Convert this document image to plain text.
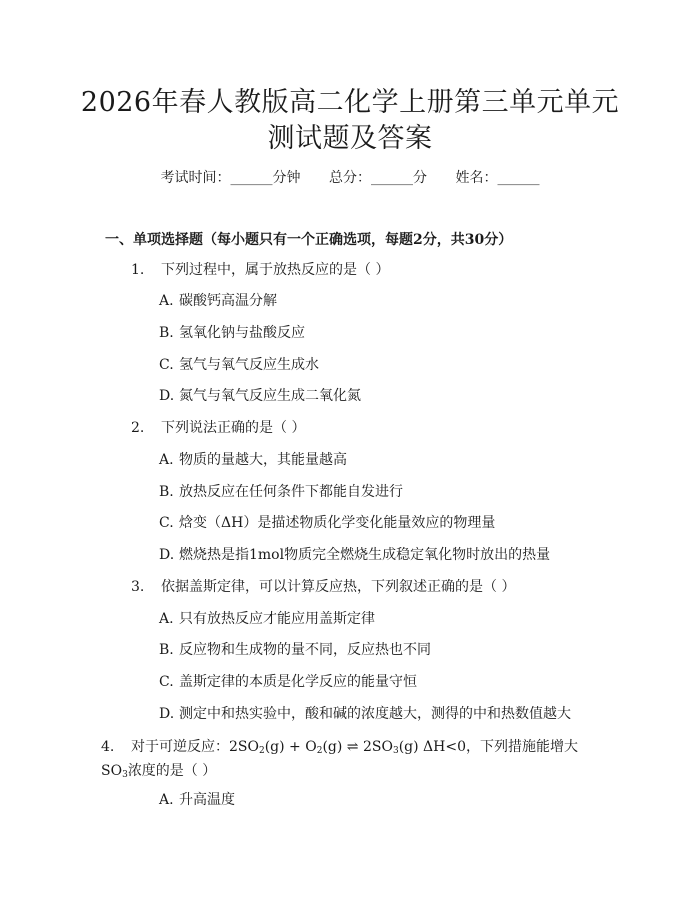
2026年春人教版高二化学上册第三单元单元
测试题及答案
考试时间：______分钟 总分：______分 姓名：______
一、单项选择题（每小题只有一个正确选项，每题2分，共30分）
1. 下列过程中，属于放热反应的是（ ）
A. 碳酸钙高温分解
B. 氢氧化钠与盐酸反应
C. 氢气与氧气反应生成水
D. 氮气与氧气反应生成二氧化氮
2. 下列说法正确的是（ ）
A. 物质的量越大，其能量越高
B. 放热反应在任何条件下都能自发进行
C. 焓变（ΔH）是描述物质化学变化能量效应的物理量
D. 燃烧热是指1mol物质完全燃烧生成稳定氧化物时放出的热量
3. 依据盖斯定律，可以计算反应热，下列叙述正确的是（ ）
A. 只有放热反应才能应用盖斯定律
B. 反应物和生成物的量不同，反应热也不同
C. 盖斯定律的本质是化学反应的能量守恒
D. 测定中和热实验中，酸和碱的浓度越大，测得的中和热数值越大
4. 对于可逆反应：$2SO_2(g) + O_2(g)$ ⇌ $2SO_3(g)$ ΔH<0，下列措施能增大
$SO_3$浓度的是（ ）
A. 升高温度
